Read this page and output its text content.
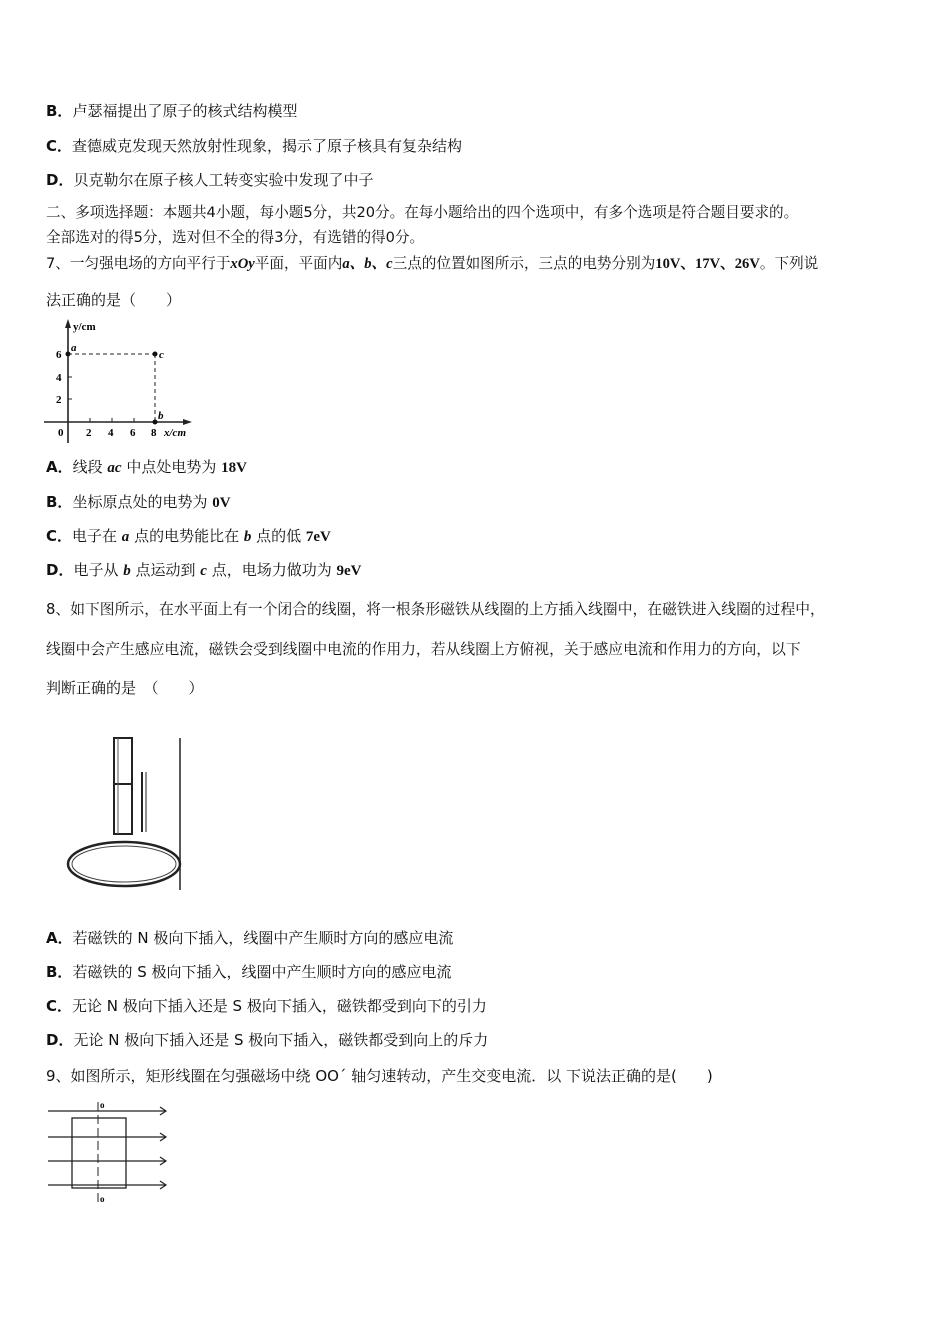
B．卢瑟福提出了原子的核式结构模型
C．查德威克发现天然放射性现象，揭示了原子核具有复杂结构
D．贝克勒尔在原子核人工转变实验中发现了中子
二、多项选择题：本题共4小题，每小题5分，共20分。在每小题给出的四个选项中，有多个选项是符合题目要求的。
全部选对的得5分，选对但不全的得3分，有选错的得0分。
7、一匀强电场的方向平行于xOy平面，平面内a、b、c三点的位置如图所示，三点的电势分别为10V、17V、26V。下列说
法正确的是（　　）
y/cm
x/cm
6
4
2
0 2 4 6 8
a
c
b
A．线段 ac 中点处电势为 18V
B．坐标原点处的电势为 0V
C．电子在 a 点的电势能比在 b 点的低 7eV
D．电子从 b 点运动到 c 点，电场力做功为 9eV
8、如下图所示，在水平面上有一个闭合的线圈，将一根条形磁铁从线圈的上方插入线圈中，在磁铁进入线圈的过程中，
线圈中会产生感应电流，磁铁会受到线圈中电流的作用力，若从线圈上方俯视，关于感应电流和作用力的方向，以下
判断正确的是　（　　）
A．若磁铁的 N 极向下插入，线圈中产生顺时方向的感应电流
B．若磁铁的 S 极向下插入，线圈中产生顺时方向的感应电流
C．无论 N 极向下插入还是 S 极向下插入，磁铁都受到向下的引力
D．无论 N 极向下插入还是 S 极向下插入，磁铁都受到向上的斥力
9、如图所示，矩形线圈在匀强磁场中绕 OO´ 轴匀速转动，产生交变电流．以 下说法正确的是(　　)
o
o
